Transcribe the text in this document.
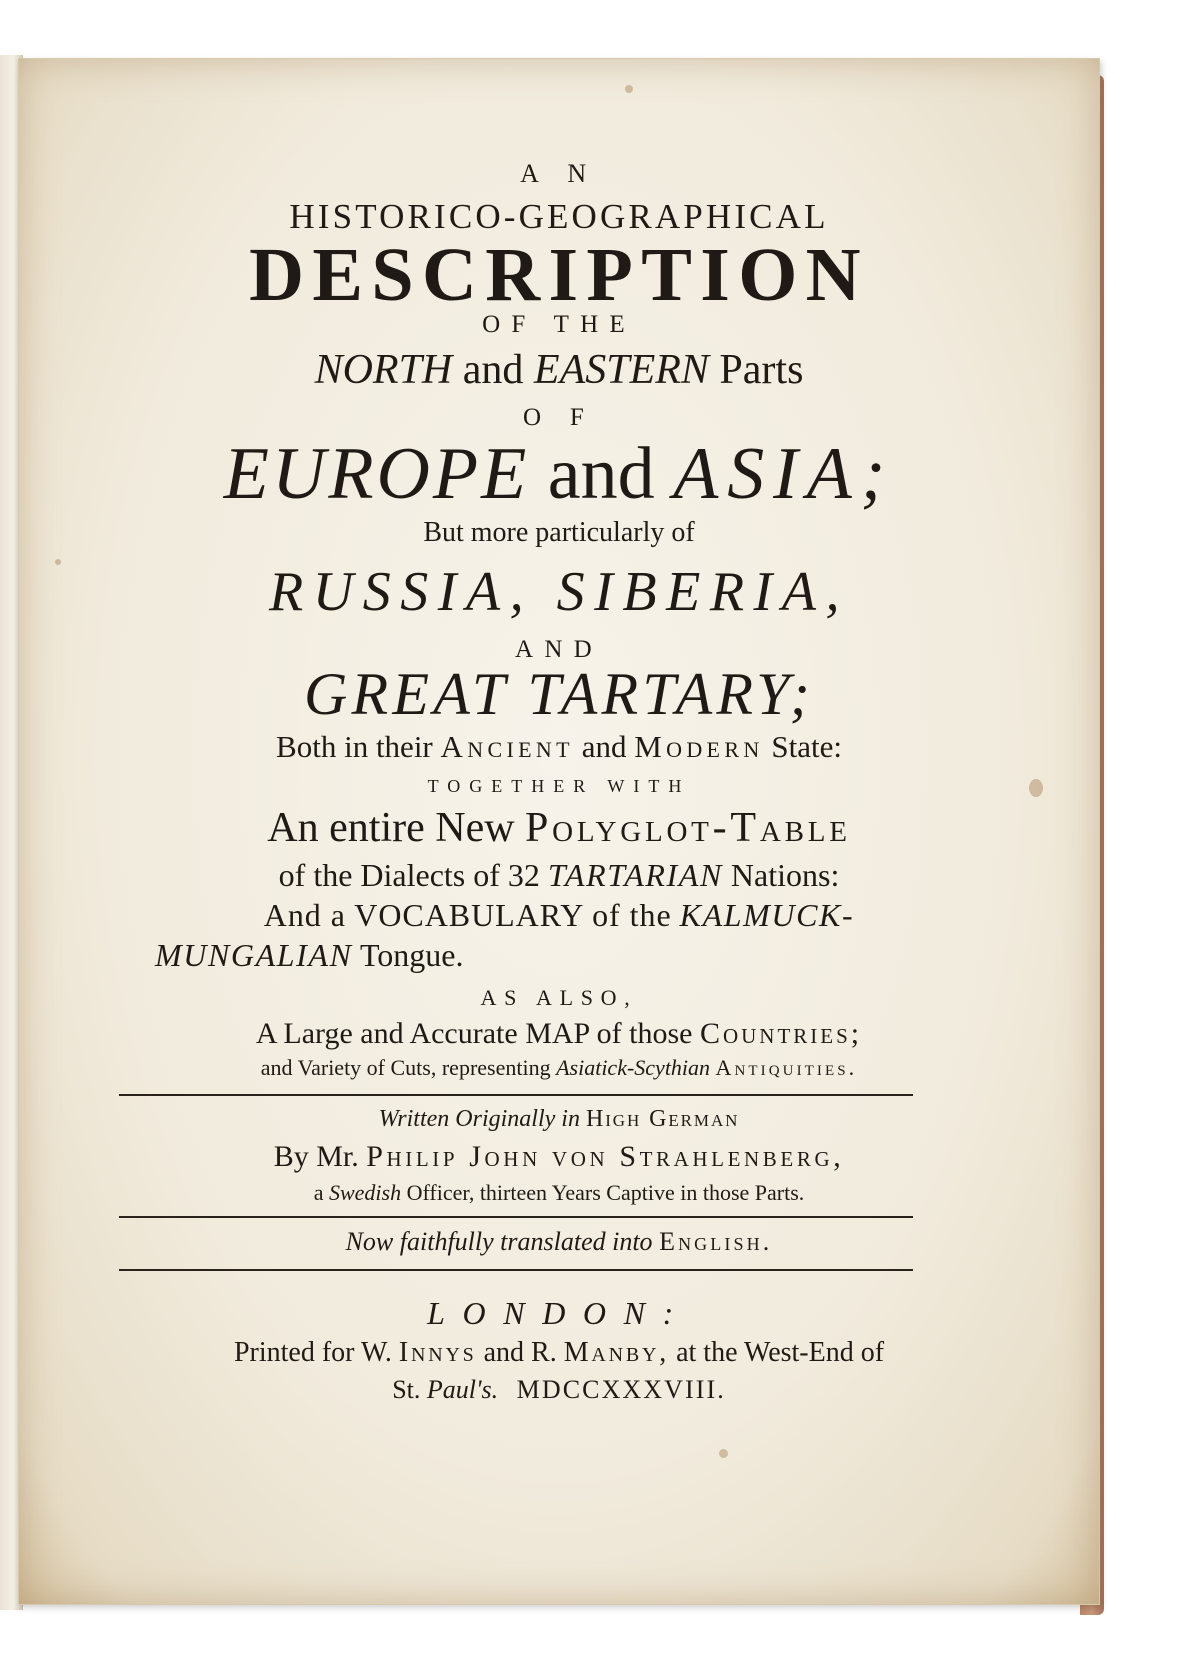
A N
HISTORICO-GEOGRAPHICAL
DESCRIPTION
OF THE
NORTH and EASTERN Parts
O F
EUROPE and ASIA;
But more particularly of
RUSSIA, SIBERIA,
AND
GREAT TARTARY;
Both in their Ancient and Modern State:
TOGETHER WITH
An entire New Polyglot-Table
of the Dialects of 32 TARTARIAN Nations:
And a VOCABULARY of the KALMUCK-
MUNGALIAN Tongue.
AS ALSO,
A Large and Accurate MAP of those Countries;
and Variety of Cuts, representing Asiatick-Scythian Antiquities.
Written Originally in High German
By Mr. Philip John von Strahlenberg,
a Swedish Officer, thirteen Years Captive in those Parts.
Now faithfully translated into English.
LONDON:
Printed for W. Innys and R. Manby, at the West-End of
St. Paul's. MDCCXXXVIII.
